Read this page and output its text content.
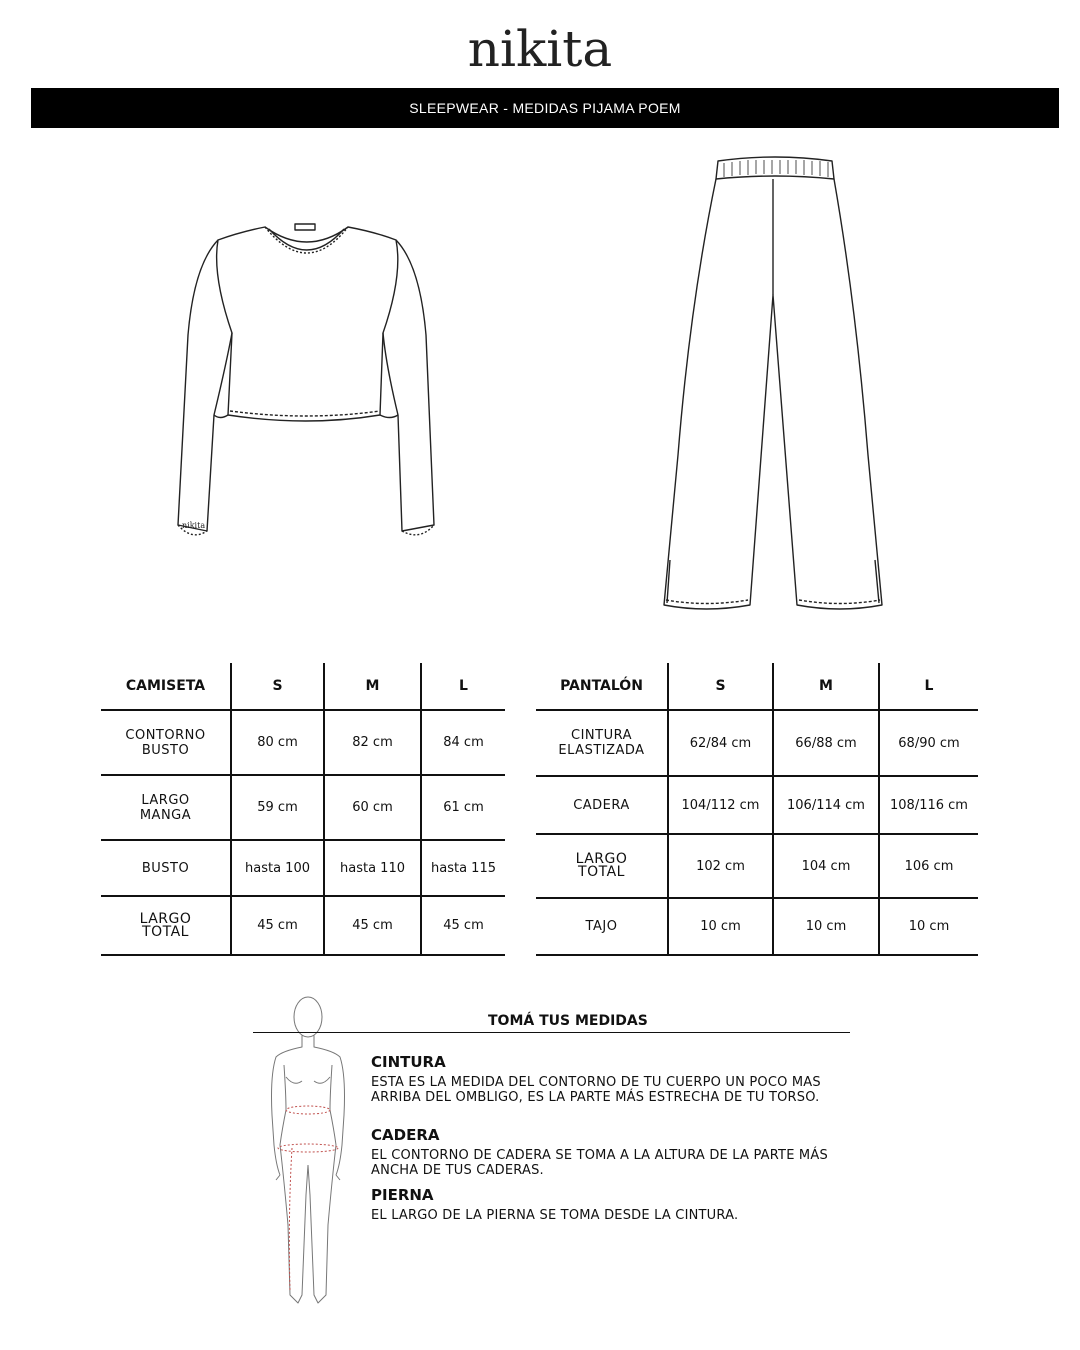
nikita
SLEEPWEAR - MEDIDAS PIJAMA POEM
nikita
CAMISETA	S	M	L

CONTORNO
BUSTO	80 cm	82 cm	84 cm

LARGO
MANGA	59 cm	60 cm	61 cm

BUSTO	hasta 100	hasta 110	hasta 115

LARGO
TOTAL	45 cm	45 cm	45 cm
PANTALÓN	S	M	L

CINTURA
ELASTIZADA	62/84 cm	66/88 cm	68/90 cm

CADERA	104/112 cm	106/114 cm	108/116 cm

LARGO
TOTAL	102 cm	104 cm	106 cm

TAJO	10 cm	10 cm	10 cm
TOMÁ TUS MEDIDAS
CINTURA
ESTA ES LA MEDIDA DEL CONTORNO DE TU CUERPO UN POCO MAS ARRIBA DEL OMBLIGO, ES LA PARTE MÁS ESTRECHA DE TU TORSO.
CADERA
EL CONTORNO DE CADERA SE TOMA A LA ALTURA DE LA PARTE MÁS ANCHA DE TUS CADERAS.
PIERNA
EL LARGO DE LA PIERNA SE TOMA DESDE LA CINTURA.
